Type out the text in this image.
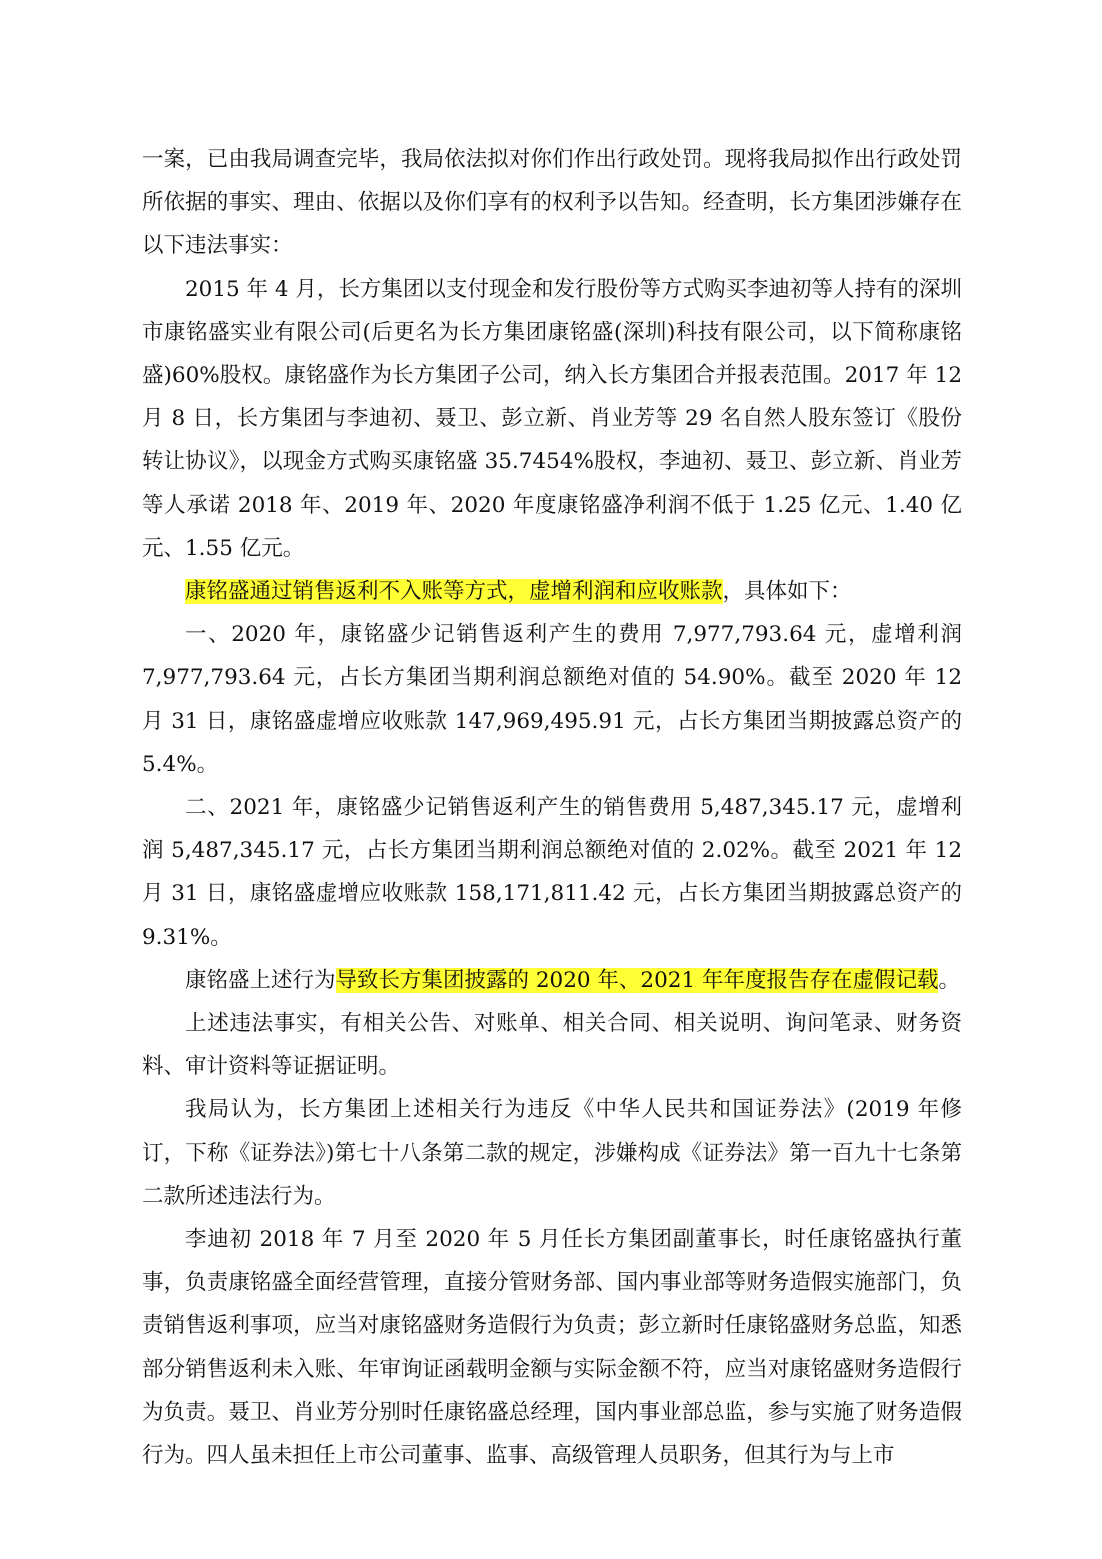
一案，已由我局调查完毕，我局依法拟对你们作出行政处罚。现将我局拟作出行政处罚所依据的事实、理由、依据以及你们享有的权利予以告知。经查明，长方集团涉嫌存在以下违法事实：

2015 年 4 月，长方集团以支付现金和发行股份等方式购买李迪初等人持有的深圳市康铭盛实业有限公司(后更名为长方集团康铭盛(深圳)科技有限公司，以下简称康铭盛)60%股权。康铭盛作为长方集团子公司，纳入长方集团合并报表范围。2017 年 12 月 8 日，长方集团与李迪初、聂卫、彭立新、肖业芳等 29 名自然人股东签订《股份转让协议》，以现金方式购买康铭盛 35.7454%股权，李迪初、聂卫、彭立新、肖业芳等人承诺 2018 年、2019 年、2020 年度康铭盛净利润不低于 1.25 亿元、1.40 亿元、1.55 亿元。

康铭盛通过销售返利不入账等方式，虚增利润和应收账款，具体如下：

一、2020 年，康铭盛少记销售返利产生的费用 7,977,793.64 元，虚增利润 7,977,793.64 元，占长方集团当期利润总额绝对值的 54.90%。截至 2020 年 12 月 31 日，康铭盛虚增应收账款 147,969,495.91 元，占长方集团当期披露总资产的 5.4%。

二、2021 年，康铭盛少记销售返利产生的销售费用 5,487,345.17 元，虚增利润 5,487,345.17 元，占长方集团当期利润总额绝对值的 2.02%。截至 2021 年 12 月 31 日，康铭盛虚增应收账款 158,171,811.42 元，占长方集团当期披露总资产的 9.31%。

康铭盛上述行为导致长方集团披露的 2020 年、2021 年年度报告存在虚假记载。

上述违法事实，有相关公告、对账单、相关合同、相关说明、询问笔录、财务资料、审计资料等证据证明。

我局认为，长方集团上述相关行为违反《中华人民共和国证券法》(2019 年修订，下称《证券法》)第七十八条第二款的规定，涉嫌构成《证券法》第一百九十七条第二款所述违法行为。

李迪初 2018 年 7 月至 2020 年 5 月任长方集团副董事长，时任康铭盛执行董事，负责康铭盛全面经营管理，直接分管财务部、国内事业部等财务造假实施部门，负责销售返利事项，应当对康铭盛财务造假行为负责；彭立新时任康铭盛财务总监，知悉部分销售返利未入账、年审询证函载明金额与实际金额不符，应当对康铭盛财务造假行为负责。聂卫、肖业芳分别时任康铭盛总经理，国内事业部总监，参与实施了财务造假行为。四人虽未担任上市公司董事、监事、高级管理人员职务，但其行为与上市
